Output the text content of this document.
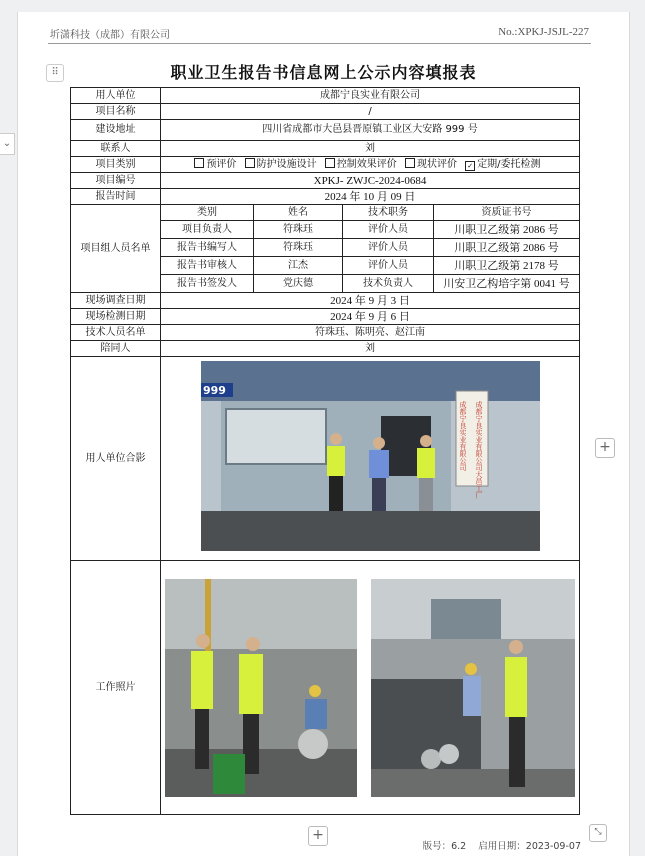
圻潇科技（成都）有限公司	No.:XPKJ-JSJL-227
⠿	职业卫生报告书信息网上公示内容填报表
用人单位	成都宁良实业有限公司			
项目名称	/			
建设地址	四川省成都市大邑县晋原镇工业区大安路 999 号			
联系人	刘			
项目类别	预评价 防护设施设计 控制效果评价 现状评价 ✓ 定期/委托检测			
项目编号	XPKJ- ZWJC-2024-0684			
报告时间	2024 年 10 月 09 日			
项目组人员名单	类别	姓名	技术职务	资质证书号
	项目负责人	符珠珏	评价人员	川职卫乙级第 2086 号
	报告书编写人	符珠珏	评价人员	川职卫乙级第 2086 号
	报告书审核人	江杰	评价人员	川职卫乙级第 2178 号
	报告书签发人	党庆德	技术负责人	川安卫乙构培字第 0041 号
现场调查日期	2024 年 9 月 3 日			
现场检测日期	2024 年 9 月 6 日			
技术人员名单	符珠珏、陈明亮、赵江南			
陪同人	刘			
用人单位合影	999
成都宁良实业有限公司 成都宁良实业有限公司大邑工厂			

工作照片	
+
+
版号：6.2 启用日期：2023-09-07
⤡
⌄
